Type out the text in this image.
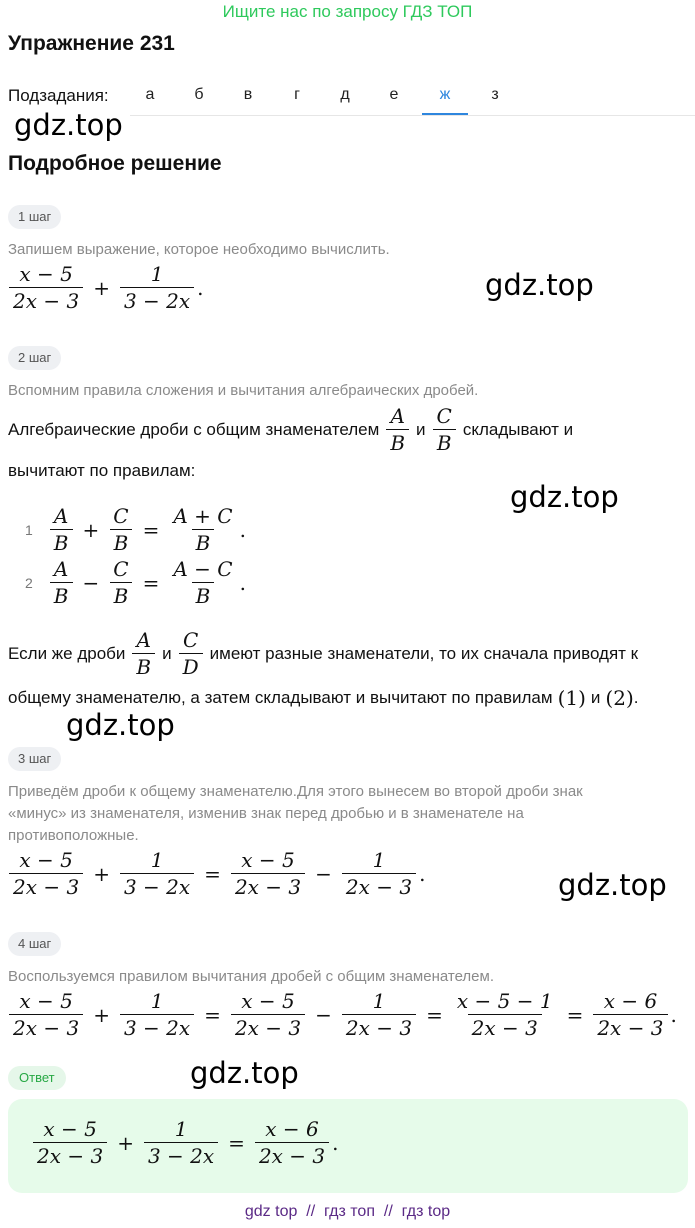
Ищите нас по запросу ГДЗ ТОП
Упражнение 231
Подзадания:	а	б	в	г	д	е	ж	з
gdz.top
gdz.top
gdz.top
gdz.top
gdz.top
gdz.top
Подробное решение
1 шаг
Запишем выражение, которое необходимо вычислить.
$\frac{x - 5}{2x - 3} + \frac{1}{3 - 2x}$ .
2 шаг
Вспомним правила сложения и вычитания алгебраических дробей.
Алгебраические дроби с общим знаменателем $\frac{A}{B}$ и $\frac{C}{B}$ складывают и
вычитают по правилам:
$1 \frac{A}{B} + \frac{C}{B} = \frac{A + C}{B}$ .
$2 \frac{A}{B} - \frac{C}{B} = \frac{A - C}{B}$ .
Если же дроби $\frac{A}{B}$ и $\frac{C}{D}$ имеют разные знаменатели, то их сначала приводят к
общему знаменателю, а затем складывают и вычитают по правилам (1) и (2) .
3 шаг
Приведём дроби к общему знаменателю.Для этого вынесем во второй дроби знак
«минус» из знаменателя, изменив знак перед дробью и в знаменателе на
противоположные.
$\frac{x - 5}{2x - 3} + \frac{1}{3 - 2x} = \frac{x - 5}{2x - 3} - \frac{1}{2x - 3}$ .
4 шаг
Воспользуемся правилом вычитания дробей с общим знаменателем.
$\frac{x - 5}{2x - 3} + \frac{1}{3 - 2x} = \frac{x - 5}{2x - 3} - \frac{1}{2x - 3} = \frac{x - 5 - 1}{2x - 3} = \frac{x - 6}{2x - 3}$ .
Ответ
$\frac{x - 5}{2x - 3} + \frac{1}{3 - 2x} = \frac{x - 6}{2x - 3}$ .
gdz top  //  гдз топ  //  гдз top
